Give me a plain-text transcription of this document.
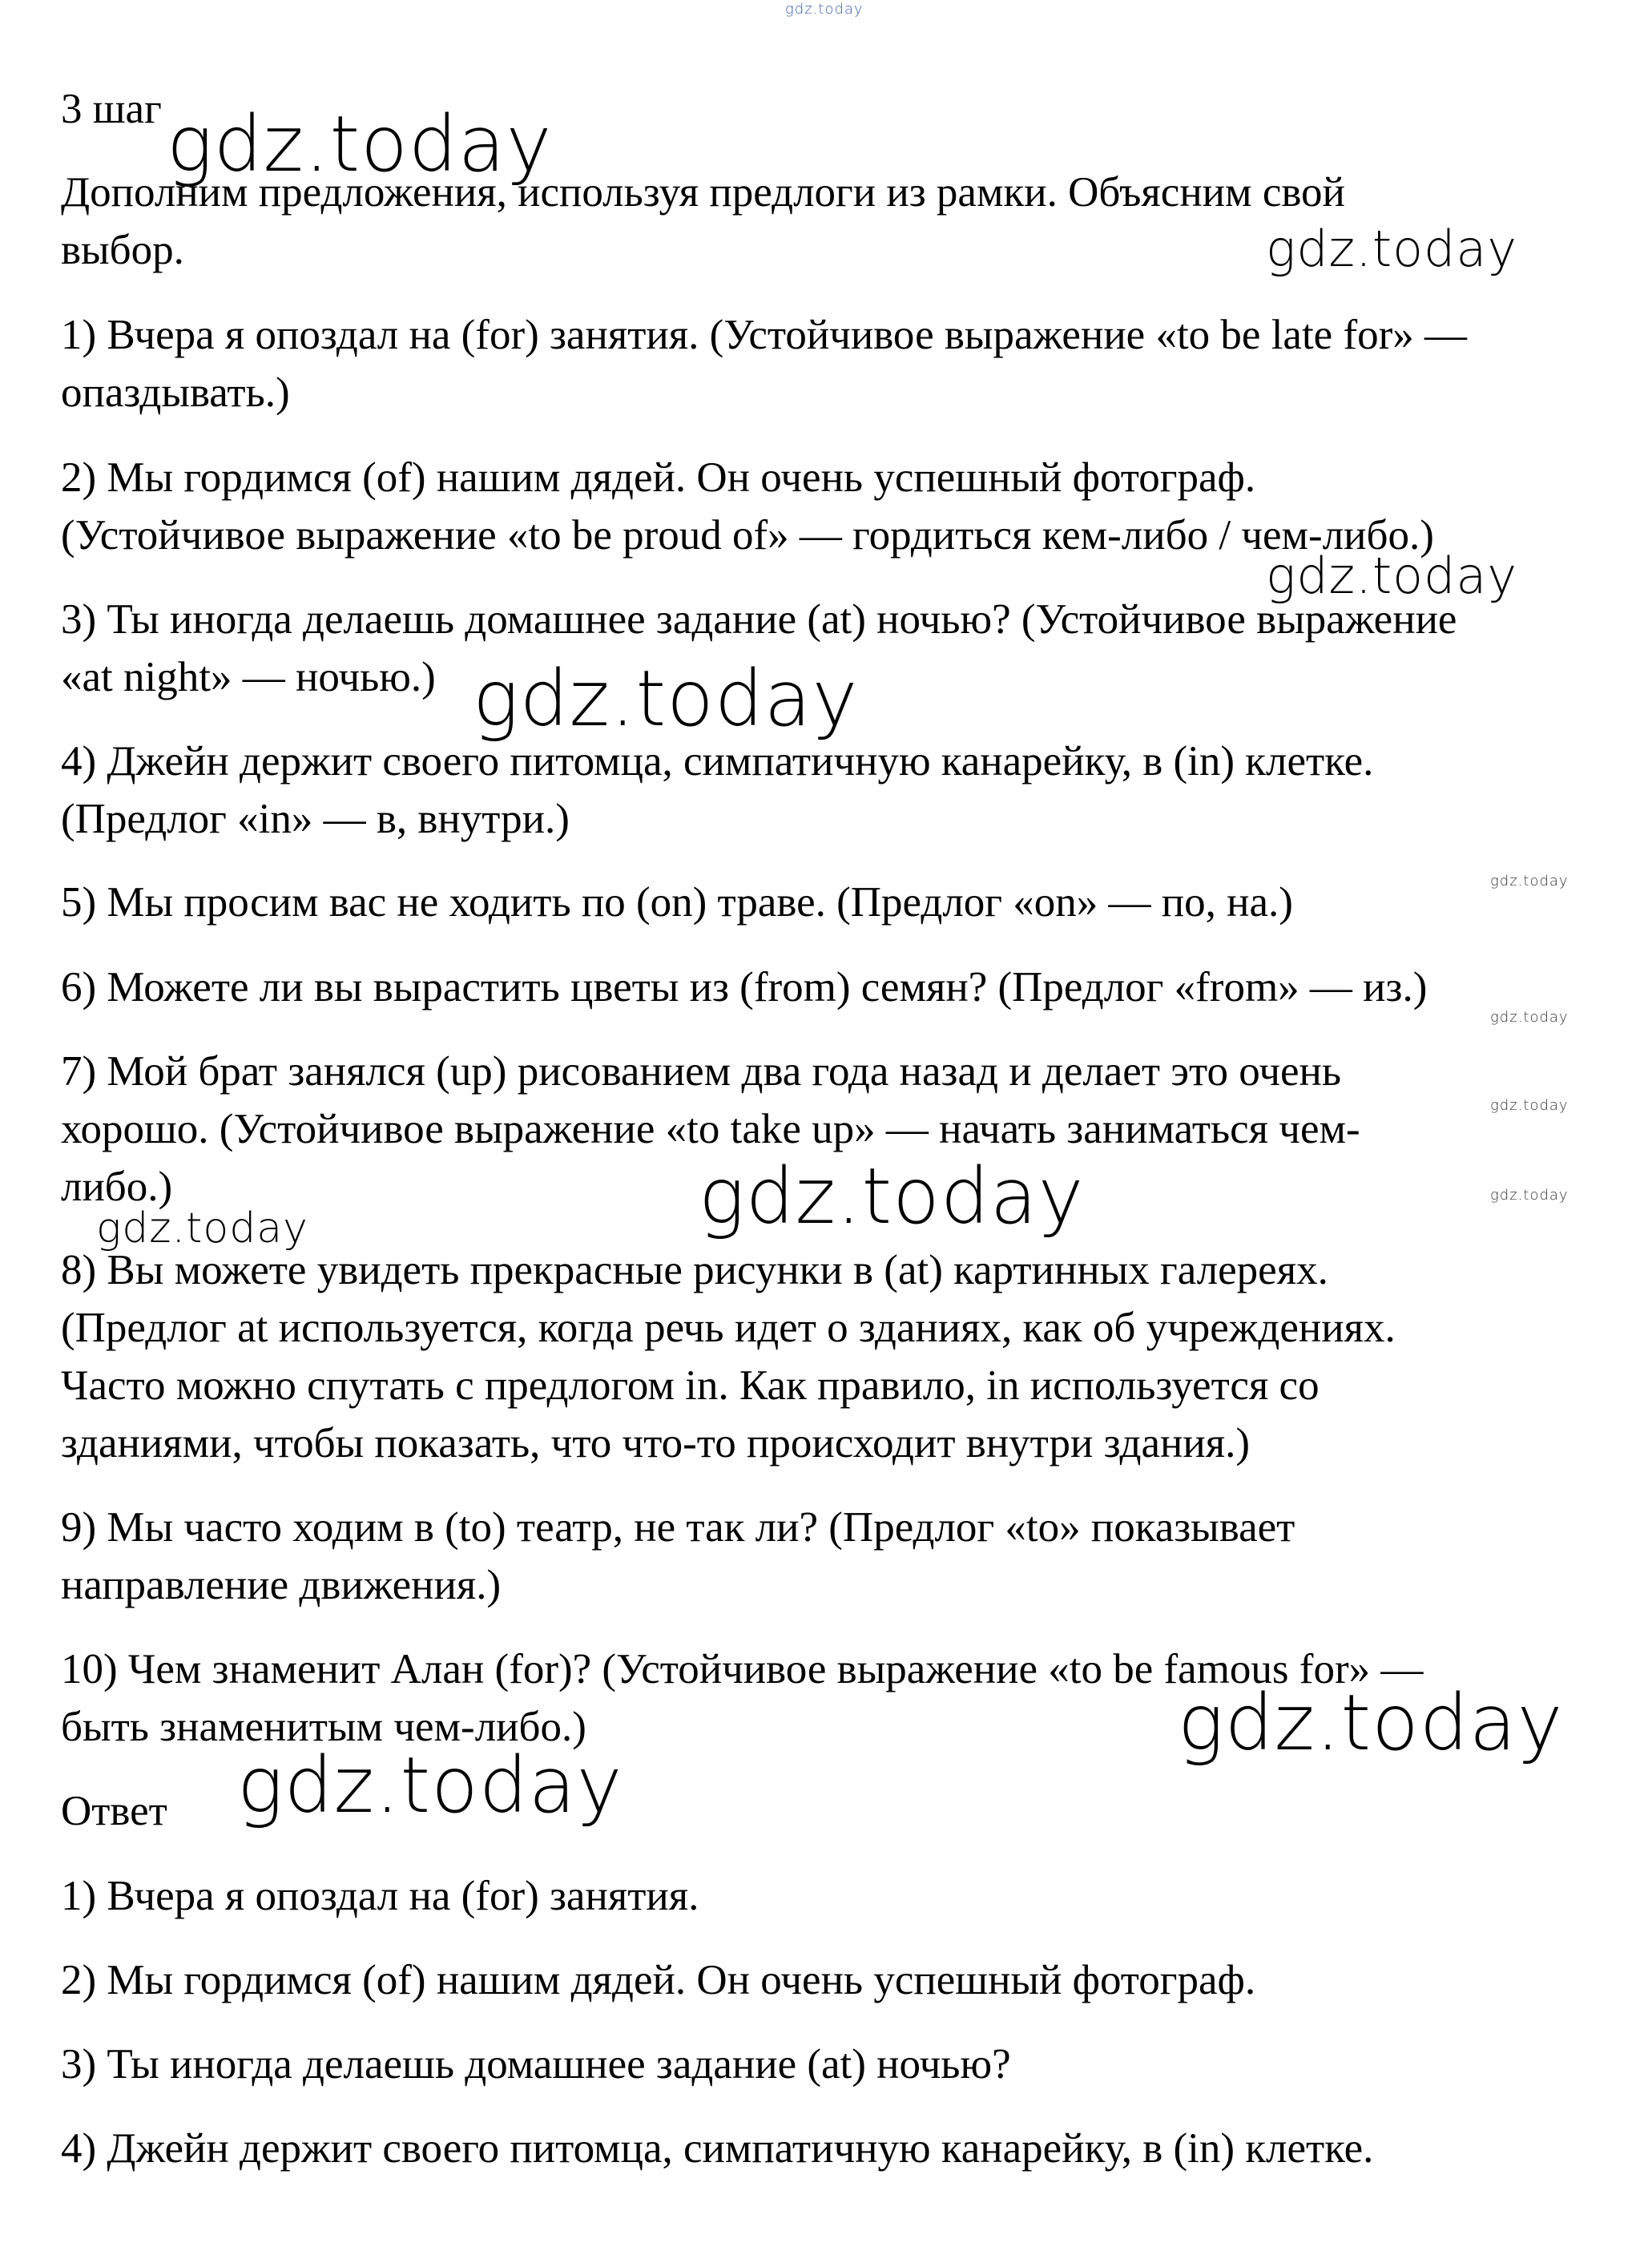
gdz.today
3 шаг gdz.today
Дополним предложения, используя предлоги из рамки. Объясним свой
выбор.	gdz.today
1) Вчера я опоздал на (for) занятия. (Устойчивое выражение «to be late for» —
опаздывать.)
2) Мы гордимся (of) нашим дядей. Он очень успешный фотограф.
(Устойчивое выражение «to be proud of» — гордиться кем-либо / чем-либо.)
gdz.today
3) Ты иногда делаешь домашнее задание (at) ночью? (Устойчивое выражение
«at night» — ночью.) gdz.today
4) Джейн держит своего питомца, симпатичную канарейку, в (in) клетке.
(Предлог «in» — в, внутри.)
5) Мы просим вас не ходить по (on) траве. (Предлог «on» — по, на.)	gdz.today
6) Можете ли вы вырастить цветы из (from) семян? (Предлог «from» — из.)
gdz.today
7) Мой брат занялся (up) рисованием два года назад и делает это очень
хорошо. (Устойчивое выражение «to take up» — начать заниматься чем-
либо.)
gdz.today
gdz.today
gdz.today
gdz.today
8) Вы можете увидеть прекрасные рисунки в (at) картинных галереях.
(Предлог at используется, когда речь идет о зданиях, как об учреждениях.
Часто можно спутать с предлогом in. Как правило, in используется со
зданиями, чтобы показать, что что-то происходит внутри здания.)
9) Мы часто ходим в (to) театр, не так ли? (Предлог «to» показывает
направление движения.)
10) Чем знаменит Алан (for)? (Устойчивое выражение «to be famous for» —
быть знаменитым чем-либо.)	gdz.today
Ответ gdz.today
1) Вчера я опоздал на (for) занятия.
2) Мы гордимся (of) нашим дядей. Он очень успешный фотограф.
3) Ты иногда делаешь домашнее задание (at) ночью?
4) Джейн держит своего питомца, симпатичную канарейку, в (in) клетке.
